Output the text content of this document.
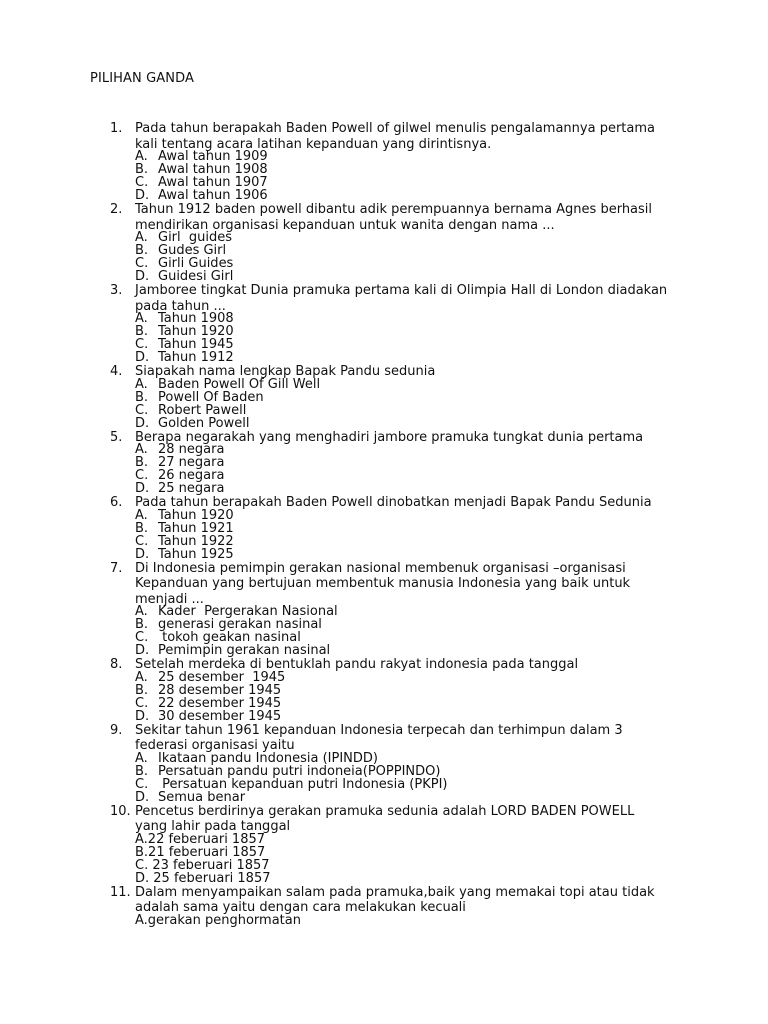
PILIHAN GANDA
1. Pada tahun berapakah Baden Powell of gilwel menulis pengalamannya pertama kali tentang acara latihan kepanduan yang dirintisnya.

A. Awal tahun 1909
B. Awal tahun 1908
C. Awal tahun 1907
D. Awal tahun 1906
2. Tahun 1912 baden powell dibantu adik perempuannya bernama Agnes berhasil mendirikan organisasi kepanduan untuk wanita dengan nama ...

A. Girl  guides
B. Gudes Girl
C. Girli Guides
D. Guidesi Girl
3. Jamboree tingkat Dunia pramuka pertama kali di Olimpia Hall di London diadakan pada tahun ...

A. Tahun 1908
B. Tahun 1920
C. Tahun 1945
D. Tahun 1912
4. Siapakah nama lengkap Bapak Pandu sedunia

A. Baden Powell Of Gill Well
B. Powell Of Baden
C. Robert Pawell
D. Golden Powell
5. Berapa negarakah yang menghadiri jambore pramuka tungkat dunia pertama

A. 28 negara
B. 27 negara
C. 26 negara
D. 25 negara
6. Pada tahun berapakah Baden Powell dinobatkan menjadi Bapak Pandu Sedunia

A. Tahun 1920
B. Tahun 1921
C. Tahun 1922
D. Tahun 1925
7. Di Indonesia pemimpin gerakan nasional membenuk organisasi –organisasi Kepanduan yang bertujuan membentuk manusia Indonesia yang baik untuk menjadi ...

A. Kader  Pergerakan Nasional
B. generasi gerakan nasinal
C. tokoh geakan nasinal
D. Pemimpin gerakan nasinal
8. Setelah merdeka di bentuklah pandu rakyat indonesia pada tanggal

A. 25 desember  1945
B. 28 desember 1945
C. 22 desember 1945
D. 30 desember 1945
9. Sekitar tahun 1961 kepanduan Indonesia terpecah dan terhimpun dalam 3 federasi organisasi yaitu

A. Ikataan pandu Indonesia (IPINDD)
B. Persatuan pandu putri indoneia(POPPINDO)
C. Persatuan kepanduan putri Indonesia (PKPI)
D. Semua benar
10. Pencetus berdirinya gerakan pramuka sedunia adalah LORD BADEN POWELL yang lahir pada tanggal

A.22 feberuari 1857
B.21 feberuari 1857
C. 23 feberuari 1857
D. 25 feberuari 1857
11. Dalam menyampaikan salam pada pramuka,baik yang memakai topi atau tidak adalah sama yaitu dengan cara melakukan kecuali

A.gerakan penghormatan
